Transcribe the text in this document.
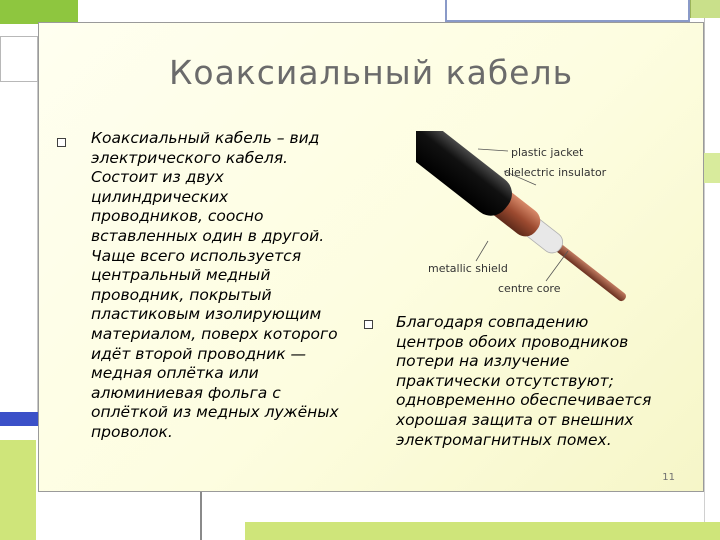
Коаксиальный кабель
Коаксиальный кабель – вид
электрического кабеля.
Состоит из двух
цилиндрических
проводников, соосно
вставленных один в другой.
Чаще всего используется
центральный медный
проводник, покрытый
пластиковым изолирующим
материалом, поверх которого
идёт второй проводник —
медная оплётка или
алюминиевая фольга с
оплёткой из медных лужёных
проволок.
Благодаря совпадению
центров обоих проводников
потери на излучение
практически отсутствуют;
одновременно обеспечивается
хорошая защита от внешних
электромагнитных помех.
plastic jacket
dielectric insulator
metallic shield
centre core
11
